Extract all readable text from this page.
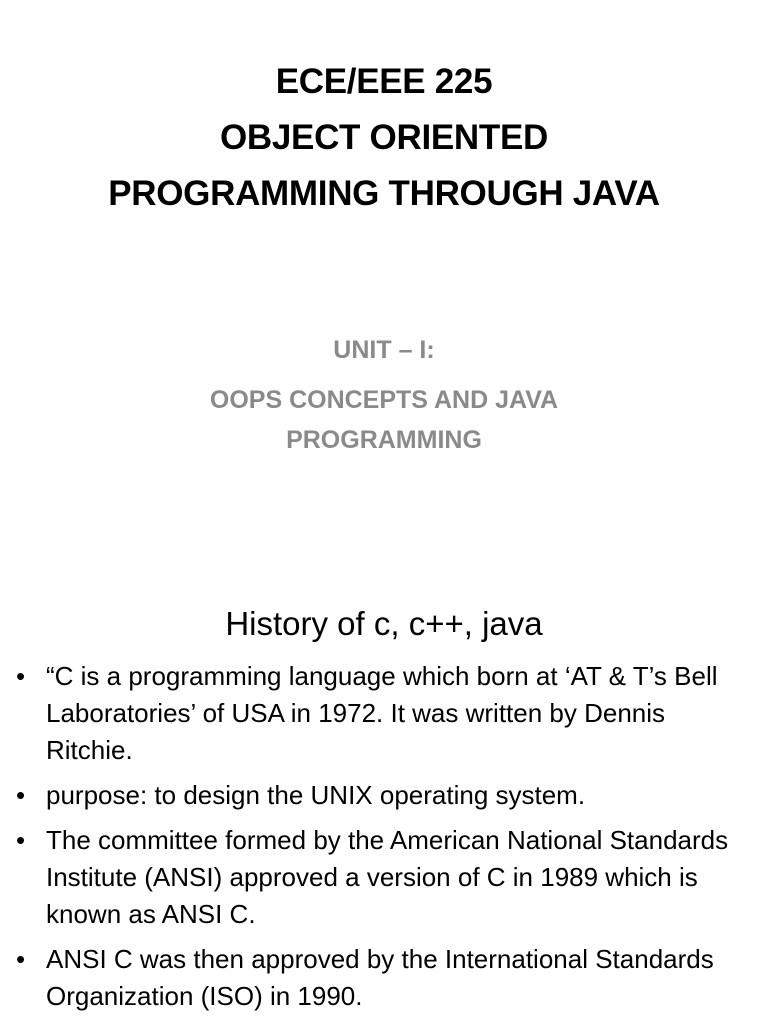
ECE/EEE 225
OBJECT ORIENTED
PROGRAMMING THROUGH JAVA
UNIT – I:
OOPS CONCEPTS AND JAVA
PROGRAMMING
History of c, c++, java
• “C is a programming language which born at ‘AT & T’s Bell Laboratories’ of USA in 1972. It was written by Dennis Ritchie.
• purpose: to design the UNIX operating system.
• The committee formed by the American National Standards Institute (ANSI) approved a version of C in 1989 which is known as ANSI C.
• ANSI C was then approved by the International Standards Organization (ISO) in 1990.
